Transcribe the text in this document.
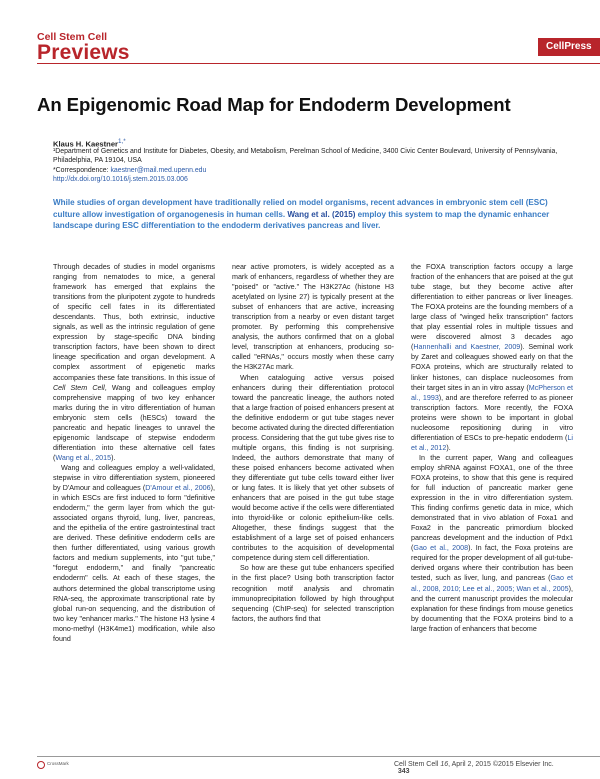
Cell Stem Cell
Previews	CellPress
An Epigenomic Road Map for Endoderm Development
Klaus H. Kaestner$^{1,*}$
¹Department of Genetics and Institute for Diabetes, Obesity, and Metabolism, Perelman School of Medicine, 3400 Civic Center Boulevard, University of Pennsylvania, Philadelphia, PA 19104, USA
*Correspondence: kaestner@mail.med.upenn.edu
http://dx.doi.org/10.1016/j.stem.2015.03.006
While studies of organ development have traditionally relied on model organisms, recent advances in embryonic stem cell (ESC) culture allow investigation of organogenesis in human cells. Wang et al. (2015) employ this system to map the dynamic enhancer landscape during ESC differentiation to the endoderm derivatives pancreas and liver.

Through decades of studies in model organisms ranging from nematodes to mice, a general framework has emerged that explains the transitions from the pluripotent zygote to hundreds of specific cell fates in its differentiated descendants. Thus, both extrinsic, inductive signals, as well as the intrinsic regulation of gene expression by stage-specific DNA binding transcription factors, have been shown to direct lineage specification and organ development. A complex assortment of epigenetic marks accompanies these fate transitions. In this issue of Cell Stem Cell, Wang and colleagues employ comprehensive mapping of two key enhancer marks during the in vitro differentiation of human embryonic stem cells (hESCs) toward the pancreatic and hepatic lineages to unravel the epigenomic landscape of stepwise endoderm differentiation into these alternative cell fates (Wang et al., 2015).

Wang and colleagues employ a well-validated, stepwise in vitro differentiation system, pioneered by D'Amour and colleagues (D'Amour et al., 2006), in which ESCs are first induced to form "definitive endoderm," the germ layer from which the gut-associated organs thyroid, lung, liver, pancreas, and the epithelia of the entire gastrointestinal tract are derived. These definitive endoderm cells are then further differentiated, using various growth factors and medium supplements, into "gut tube," "foregut endoderm," and finally "pancreatic endoderm" cells. At each of these stages, the authors determined the global transcriptome using RNA-seq, the approximate transcriptional rate by global run-on sequencing, and the distribution of two key "enhancer marks." The histone H3 lysine 4 mono-methyl (H3K4me1) modification, while also found

near active promoters, is widely accepted as a mark of enhancers, regardless of whether they are "poised" or "active." The H3K27Ac (histone H3 acetylated on lysine 27) is typically present at the subset of enhancers that are active, increasing transcription from a nearby or even distant target promoter. By performing this comprehensive analysis, the authors confirmed that on a global level, transcription at enhancers, producing so-called "eRNAs," occurs mostly when these carry the H3K27Ac mark.

When cataloguing active versus poised enhancers during their differentiation protocol toward the pancreatic lineage, the authors noted that a large fraction of poised enhancers present at the definitive endoderm or gut tube stages never become activated during the directed differentiation process. Considering that the gut tube gives rise to multiple organs, this finding is not surprising. Indeed, the authors demonstrate that many of these poised enhancers become activated when they differentiate gut tube cells toward either liver or lung fates. It is likely that yet other subsets of enhancers that are poised in the gut tube stage would become active if the cells were differentiated into thyroid-like or colonic epithelium-like cells. Altogether, these findings suggest that the establishment of a large set of poised enhancers contributes to the acquisition of developmental competence during stem cell differentiation.

So how are these gut tube enhancers specified in the first place? Using both transcription factor recognition motif analysis and chromatin immunoprecipitation followed by high throughput sequencing (ChIP-seq) for selected transcription factors, the authors find that

the FOXA transcription factors occupy a large fraction of the enhancers that are poised at the gut tube stage, but they become active after differentiation to either pancreas or liver lineages. The FOXA proteins are the founding members of a large class of "winged helix transcription" factors that play essential roles in multiple tissues and were discovered almost 3 decades ago (Hannenhalli and Kaestner, 2009). Seminal work by Zaret and colleagues showed early on that the FOXA proteins, which are structurally related to linker histones, can displace nucleosomes from their target sites in an in vitro assay (McPherson et al., 1993), and are therefore referred to as pioneer transcription factors. More recently, the FOXA proteins were shown to be important in global nucleosome repositioning during in vitro differentiation of ESCs to pre-hepatic endoderm (Li et al., 2012).

In the current paper, Wang and colleagues employ shRNA against FOXA1, one of the three FOXA proteins, to show that this gene is required for full induction of pancreatic marker gene expression in the in vitro differentiation system. This finding confirms genetic data in mice, which demonstrated that in vivo ablation of Foxa1 and Foxa2 in the pancreatic primordium blocked pancreas development and the induction of Pdx1 (Gao et al., 2008). In fact, the Foxa proteins are required for the proper development of all gut-tube-derived organs where their contribution has been tested, such as liver, lung, and pancreas (Gao et al., 2008, 2010; Lee et al., 2005; Wan et al., 2005), and the current manuscript provides the molecular explanation for these findings from mouse genetics by documenting that the FOXA proteins bind to a large fraction of enhancers that become

CrossMark	Cell Stem Cell 16, April 2, 2015 ©2015 Elsevier Inc.   343
